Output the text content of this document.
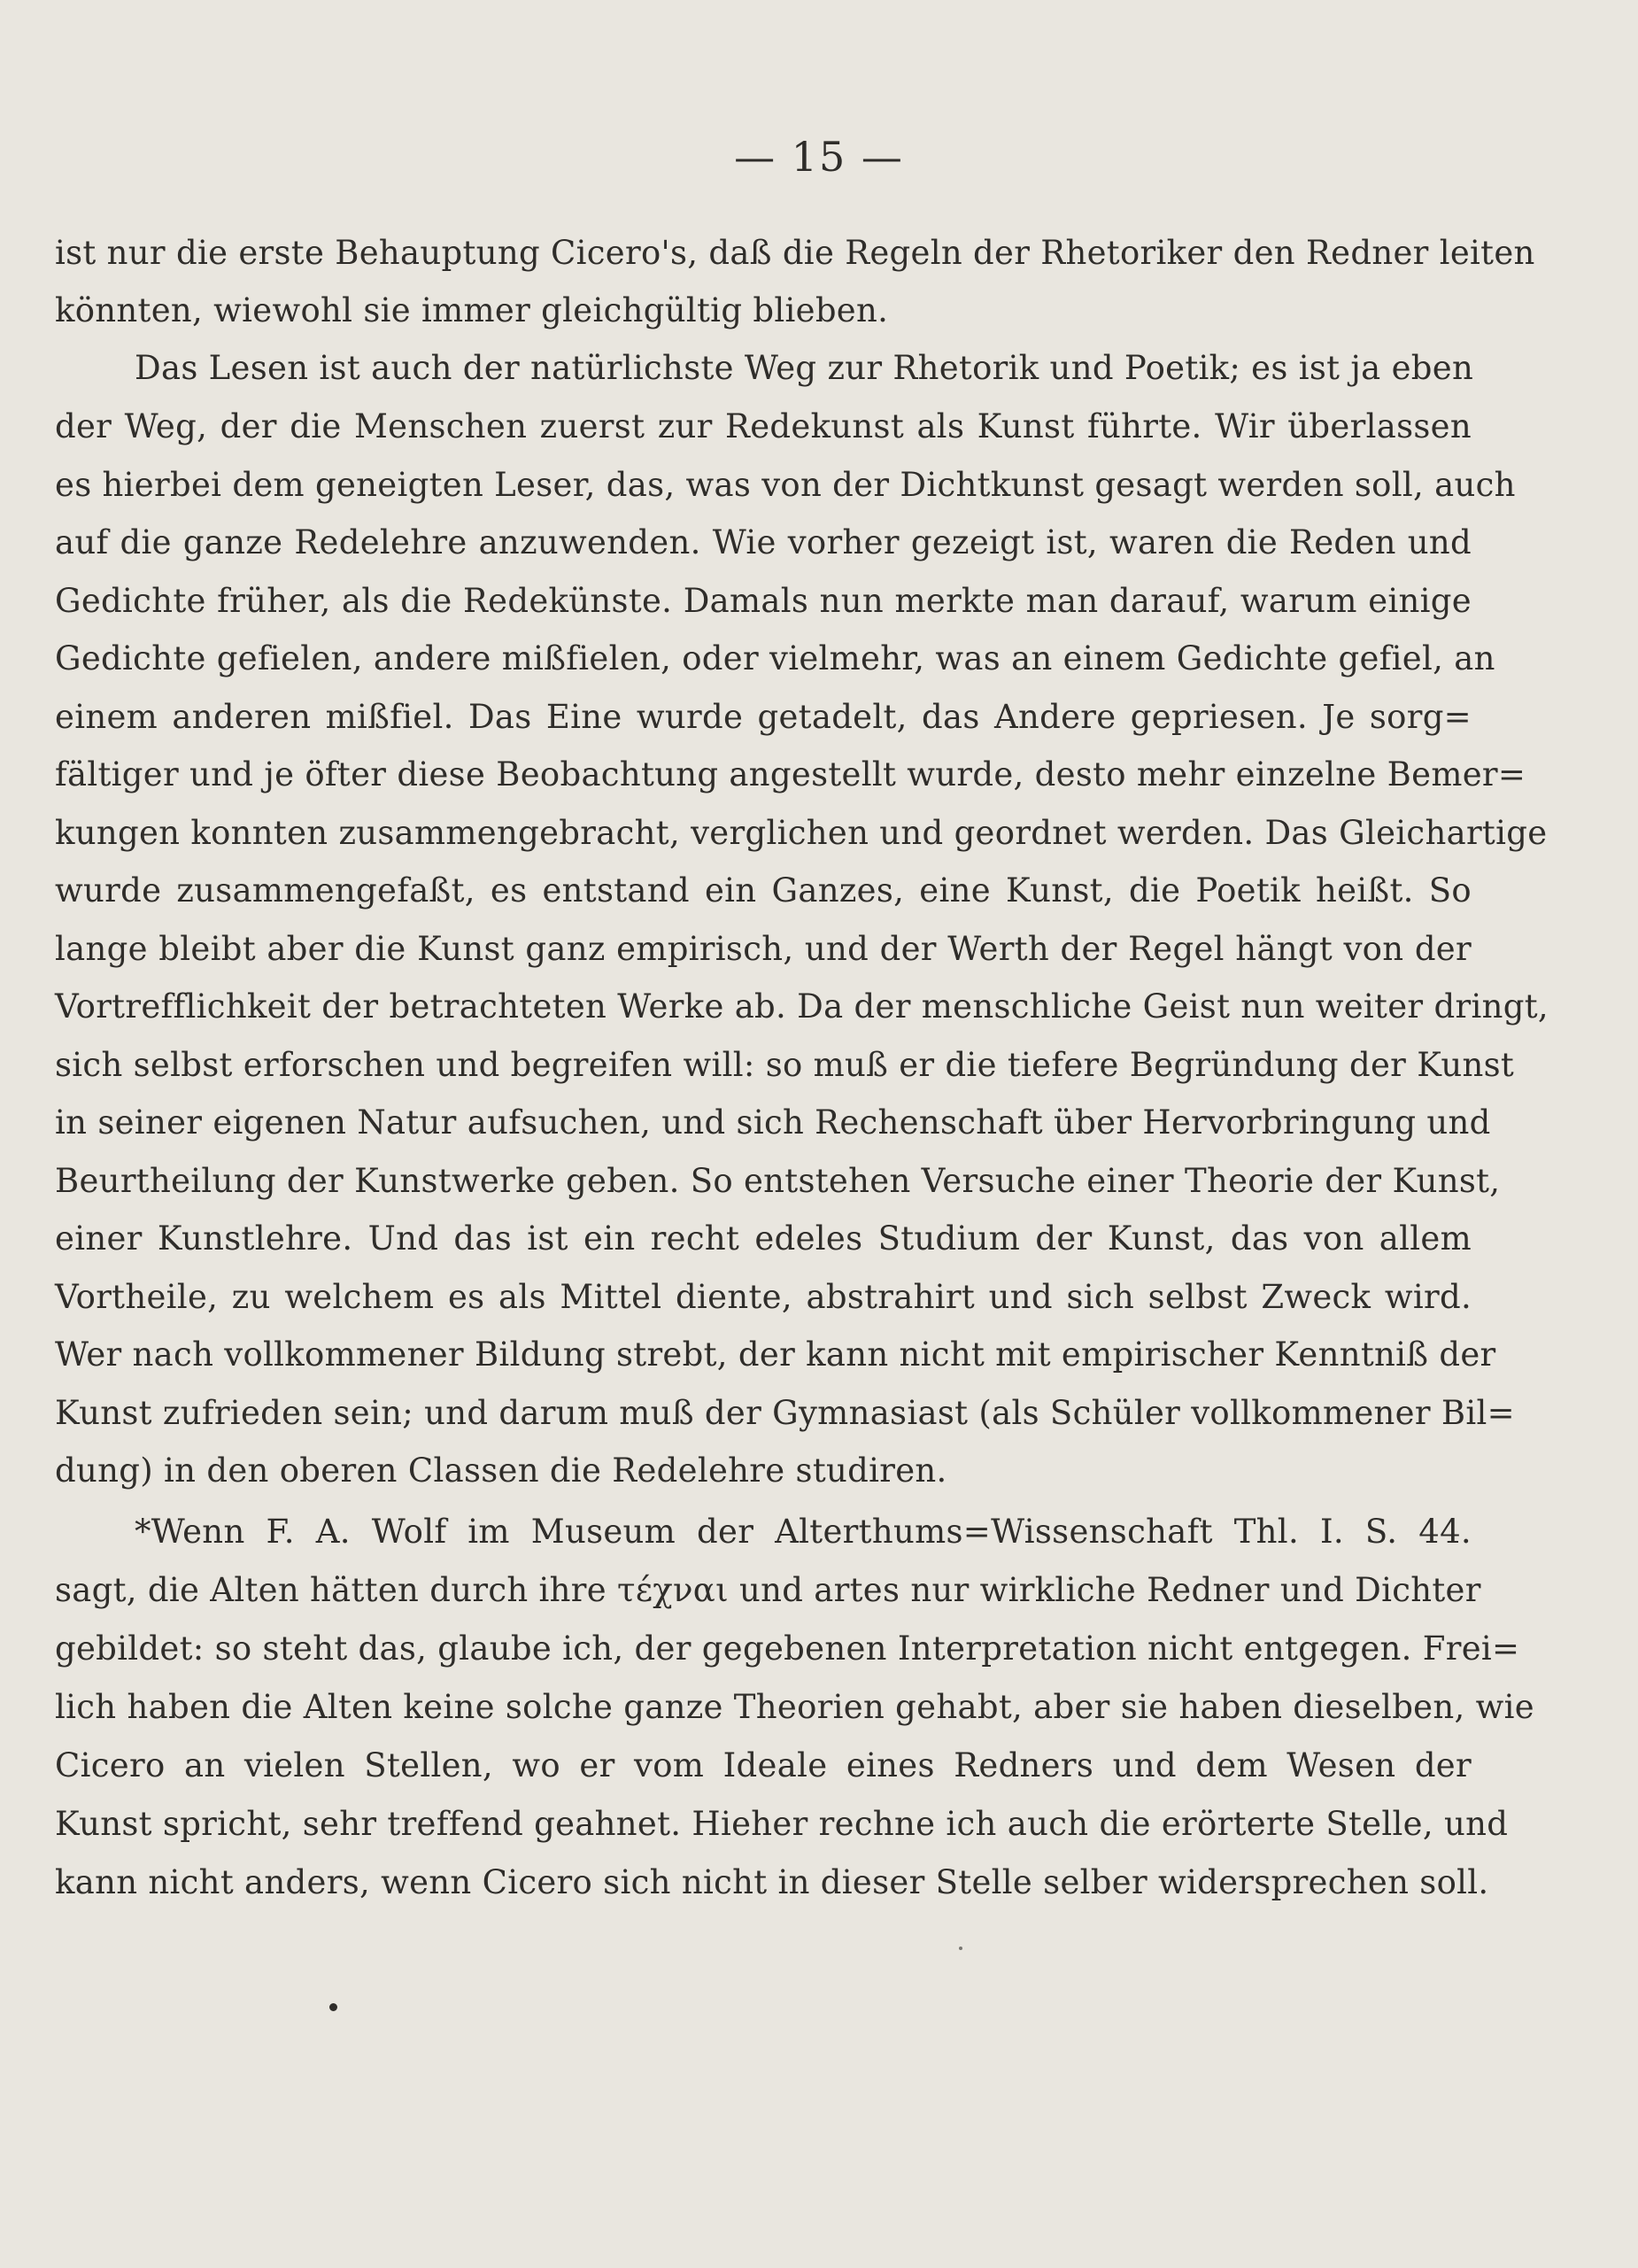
— 15 —
ist nur die erste Behauptung Cicero's, daß die Regeln der Rhetoriker den Redner leiten
könnten, wiewohl sie immer gleichgültig blieben.
Das Lesen ist auch der natürlichste Weg zur Rhetorik und Poetik; es ist ja eben
der Weg, der die Menschen zuerst zur Redekunst als Kunst führte. Wir überlassen
es hierbei dem geneigten Leser, das, was von der Dichtkunst gesagt werden soll, auch
auf die ganze Redelehre anzuwenden. Wie vorher gezeigt ist, waren die Reden und
Gedichte früher, als die Redekünste. Damals nun merkte man darauf, warum einige
Gedichte gefielen, andere mißfielen, oder vielmehr, was an einem Gedichte gefiel, an
einem anderen mißfiel. Das Eine wurde getadelt, das Andere gepriesen. Je sorg=
fältiger und je öfter diese Beobachtung angestellt wurde, desto mehr einzelne Bemer=
kungen konnten zusammengebracht, verglichen und geordnet werden. Das Gleichartige
wurde zusammengefaßt, es entstand ein Ganzes, eine Kunst, die Poetik heißt. So
lange bleibt aber die Kunst ganz empirisch, und der Werth der Regel hängt von der
Vortrefflichkeit der betrachteten Werke ab. Da der menschliche Geist nun weiter dringt,
sich selbst erforschen und begreifen will: so muß er die tiefere Begründung der Kunst
in seiner eigenen Natur aufsuchen, und sich Rechenschaft über Hervorbringung und
Beurtheilung der Kunstwerke geben. So entstehen Versuche einer Theorie der Kunst,
einer Kunstlehre. Und das ist ein recht edeles Studium der Kunst, das von allem
Vortheile, zu welchem es als Mittel diente, abstrahirt und sich selbst Zweck wird.
Wer nach vollkommener Bildung strebt, der kann nicht mit empirischer Kenntniß der
Kunst zufrieden sein; und darum muß der Gymnasiast (als Schüler vollkommener Bil=
dung) in den oberen Classen die Redelehre studiren.
*Wenn F. A. Wolf im Museum der Alterthums=Wissenschaft Thl. I. S. 44.
sagt, die Alten hätten durch ihre τέχναι und artes nur wirkliche Redner und Dichter
gebildet: so steht das, glaube ich, der gegebenen Interpretation nicht entgegen. Frei=
lich haben die Alten keine solche ganze Theorien gehabt, aber sie haben dieselben, wie
Cicero an vielen Stellen, wo er vom Ideale eines Redners und dem Wesen der
Kunst spricht, sehr treffend geahnet. Hieher rechne ich auch die erörterte Stelle, und
kann nicht anders, wenn Cicero sich nicht in dieser Stelle selber widersprechen soll.
